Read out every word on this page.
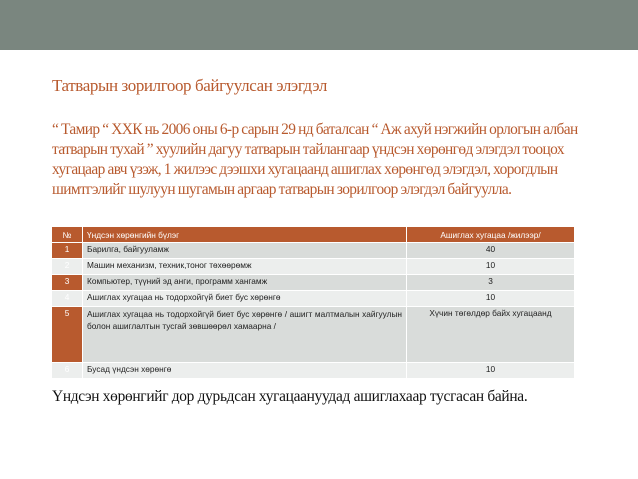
Татварын зорилгоор байгуулсан элэгдэл
“ Тамир “ ХХК нь 2006 оны 6-р сарын 29 нд баталсан “ Аж ахуй нэгжийн орлогын албан татварын тухай ” хуулийн дагуу татварын тайлангаар үндсэн хөрөнгөд элэгдэл тооцох хугацаар авч үзэж, 1 жилээс дээшхи хугацаанд ашиглах хөрөнгөд элэгдэл, хорогдлын шимтгэлийг шулуун шугамын аргаар татварын зорилгоор элэгдэл байгуулла.
№	Үндсэн хөрөнгийн бүлэг	Ашиглах хугацаа /жилээр/
1	Барилга, байгууламж	40
2	Машин механизм, техник,тоног төхөөрөмж	10
3	Компьютер, түүний эд анги, программ хангамж	3
4	Ашиглах хугацаа нь тодорхойгүй биет бус хөрөнгө	10
5	Ашиглах хугацаа нь тодорхойгүй биет бус хөрөнгө / ашигт малтмалын хайгуулын болон ашиглалтын тусгай зөвшөөрөл хамаарна /	Хүчин төгөлдөр байх хугацаанд
6	Бусад үндсэн хөрөнгө	10
Үндсэн хөрөнгийг дор дурьдсан хугацаануудад ашиглахаар тусгасан байна.
